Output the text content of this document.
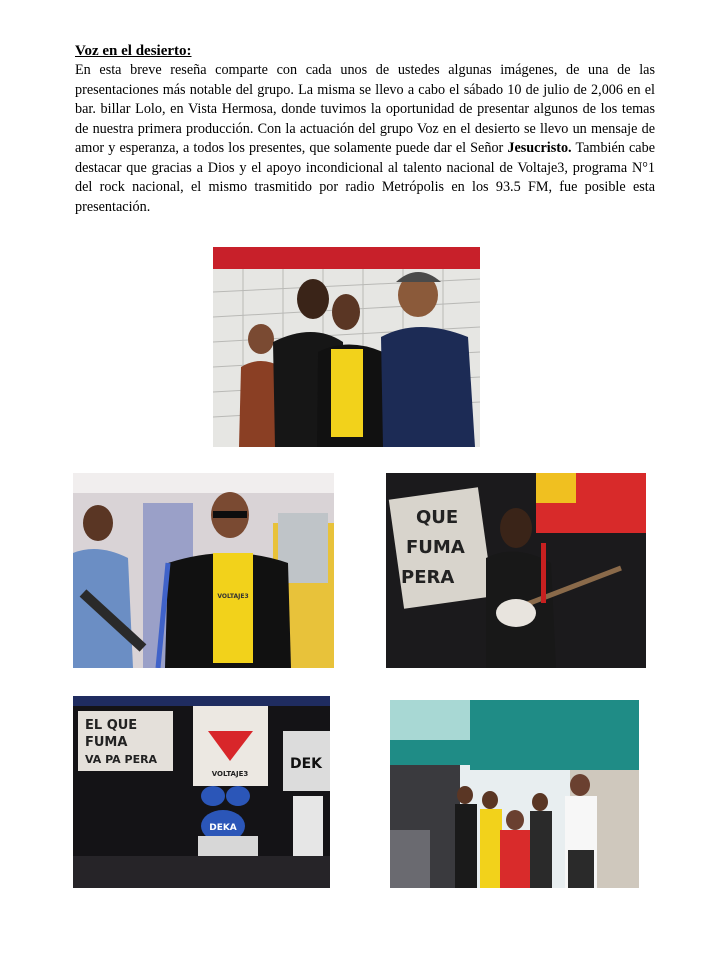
Voz en el desierto:
En esta breve reseña comparte con cada unos de ustedes algunas imágenes, de una de las presentaciones más notable del grupo. La misma se llevo a cabo el sábado 10 de julio de 2,006 en el bar. billar Lolo, en Vista Hermosa, donde tuvimos la oportunidad de presentar algunos de los temas de nuestra primera producción. Con la actuación del grupo Voz en el desierto se llevo un mensaje de amor y esperanza, a todos los presentes, que solamente puede dar el Señor Jesucristo. También cabe destacar que gracias a Dios y el apoyo incondicional al talento nacional de Voltaje3, programa N°1 del rock nacional, el mismo trasmitido por radio Metrópolis en los 93.5 FM, fue posible esta presentación.
VOLTAJE3
QUE
FUMA
PERA
EL QUE
FUMA
VA PA PERA
VOLTAJE3
DEK
DEKA
